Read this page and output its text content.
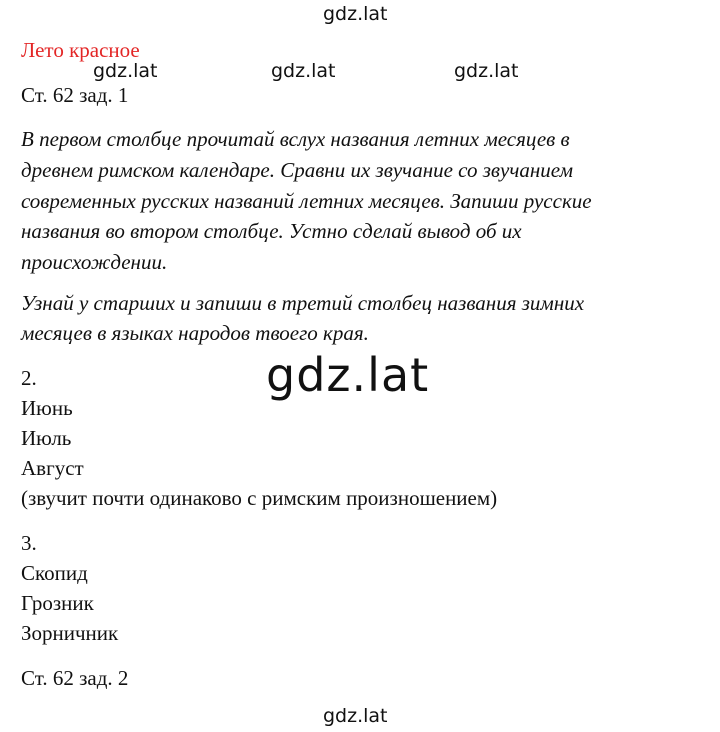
gdz.lat
gdz.lat	gdz.lat	gdz.lat
gdz.lat
gdz.lat
Лето красное
Ст. 62 зад. 1
В первом столбце прочитай вслух названия летних месяцев в
древнем римском календаре. Сравни их звучание со звучанием
современных русских названий летних месяцев. Запиши русские
названия во втором столбце. Устно сделай вывод об их
происхождении.
Узнай у старших и запиши в третий столбец названия зимних
месяцев в языках народов твоего края.
2.
Июнь
Июль
Август
(звучит почти одинаково с римским произношением)
3.
Скопид
Грозник
Зорничник
Ст. 62 зад. 2
